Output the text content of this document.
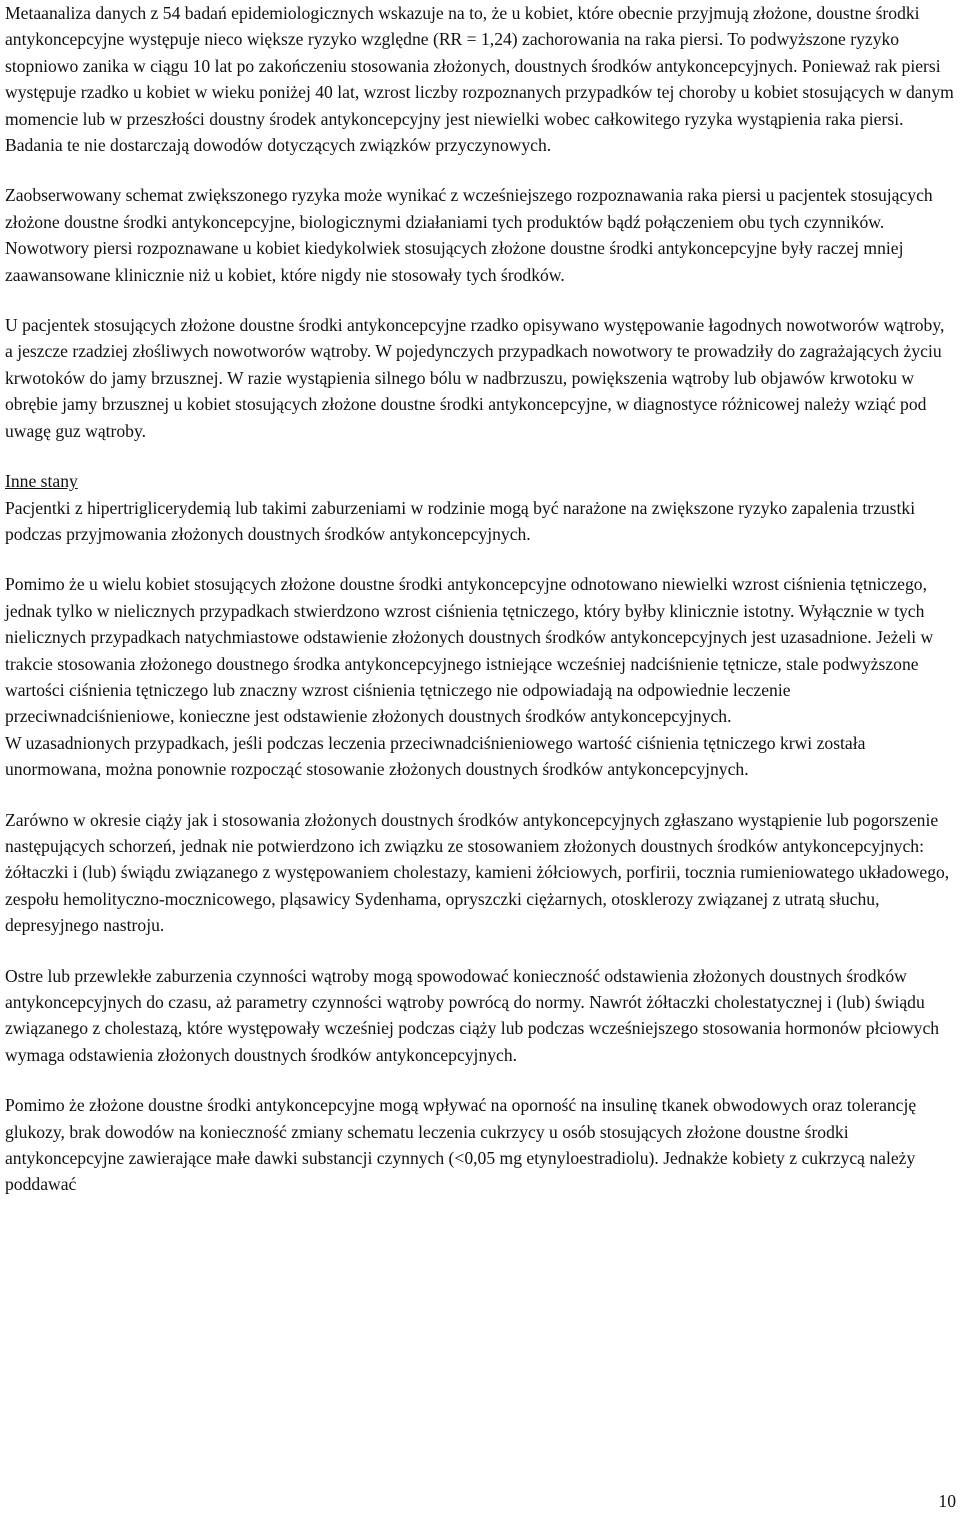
Metaanaliza danych z 54 badań epidemiologicznych wskazuje na to, że u kobiet, które obecnie przyjmują złożone, doustne środki antykoncepcyjne występuje nieco większe ryzyko względne (RR = 1,24) zachorowania na raka piersi. To podwyższone ryzyko stopniowo zanika w ciągu 10 lat po zakończeniu stosowania złożonych, doustnych środków antykoncepcyjnych. Ponieważ rak piersi występuje rzadko u kobiet w wieku poniżej 40 lat, wzrost liczby rozpoznanych przypadków tej choroby u kobiet stosujących w danym momencie lub w przeszłości doustny środek antykoncepcyjny jest niewielki wobec całkowitego ryzyka wystąpienia raka piersi. Badania te nie dostarczają dowodów dotyczących związków przyczynowych.

Zaobserwowany schemat zwiększonego ryzyka może wynikać z wcześniejszego rozpoznawania raka piersi u pacjentek stosujących złożone doustne środki antykoncepcyjne, biologicznymi działaniami tych produktów bądź połączeniem obu tych czynników. Nowotwory piersi rozpoznawane u kobiet kiedykolwiek stosujących złożone doustne środki antykoncepcyjne były raczej mniej zaawansowane klinicznie niż u kobiet, które nigdy nie stosowały tych środków.

U pacjentek stosujących złożone doustne środki antykoncepcyjne rzadko opisywano występowanie łagodnych nowotworów wątroby, a jeszcze rzadziej złośliwych nowotworów wątroby. W pojedynczych przypadkach nowotwory te prowadziły do zagrażających życiu krwotoków do jamy brzusznej. W razie wystąpienia silnego bólu w nadbrzuszu, powiększenia wątroby lub objawów krwotoku w obrębie jamy brzusznej u kobiet stosujących złożone doustne środki antykoncepcyjne, w diagnostyce różnicowej należy wziąć pod uwagę guz wątroby.

Inne stany

Pacjentki z hipertriglicerydemią lub takimi zaburzeniami w rodzinie mogą być narażone na zwiększone ryzyko zapalenia trzustki podczas przyjmowania złożonych doustnych środków antykoncepcyjnych.

Pomimo że u wielu kobiet stosujących złożone doustne środki antykoncepcyjne odnotowano niewielki wzrost ciśnienia tętniczego, jednak tylko w nielicznych przypadkach stwierdzono wzrost ciśnienia tętniczego, który byłby klinicznie istotny. Wyłącznie w tych nielicznych przypadkach natychmiastowe odstawienie złożonych doustnych środków antykoncepcyjnych jest uzasadnione. Jeżeli w trakcie stosowania złożonego doustnego środka antykoncepcyjnego istniejące wcześniej nadciśnienie tętnicze, stale podwyższone wartości ciśnienia tętniczego lub znaczny wzrost ciśnienia tętniczego nie odpowiadają na odpowiednie leczenie przeciwnadciśnieniowe, konieczne jest odstawienie złożonych doustnych środków antykoncepcyjnych.

W uzasadnionych przypadkach, jeśli podczas leczenia przeciwnadciśnieniowego wartość ciśnienia tętniczego krwi została unormowana, można ponownie rozpocząć stosowanie złożonych doustnych środków antykoncepcyjnych.

Zarówno w okresie ciąży jak i stosowania złożonych doustnych środków antykoncepcyjnych zgłaszano wystąpienie lub pogorszenie następujących schorzeń, jednak nie potwierdzono ich związku ze stosowaniem złożonych doustnych środków antykoncepcyjnych: żółtaczki i (lub) świądu związanego z występowaniem cholestazy, kamieni żółciowych, porfirii, tocznia rumieniowatego układowego, zespołu hemolityczno-mocznicowego, pląsawicy Sydenhama, opryszczki ciężarnych, otosklerozy związanej z utratą słuchu, depresyjnego nastroju.

Ostre lub przewlekłe zaburzenia czynności wątroby mogą spowodować konieczność odstawienia złożonych doustnych środków antykoncepcyjnych do czasu, aż parametry czynności wątroby powrócą do normy. Nawrót żółtaczki cholestatycznej i (lub) świądu związanego z cholestazą, które występowały wcześniej podczas ciąży lub podczas wcześniejszego stosowania hormonów płciowych wymaga odstawienia złożonych doustnych środków antykoncepcyjnych.

Pomimo że złożone doustne środki antykoncepcyjne mogą wpływać na oporność na insulinę tkanek obwodowych oraz tolerancję glukozy, brak dowodów na konieczność zmiany schematu leczenia cukrzycy u osób stosujących złożone doustne środki antykoncepcyjne zawierające małe dawki substancji czynnych (<0,05 mg etynyloestradiolu). Jednakże kobiety z cukrzycą należy poddawać

10
